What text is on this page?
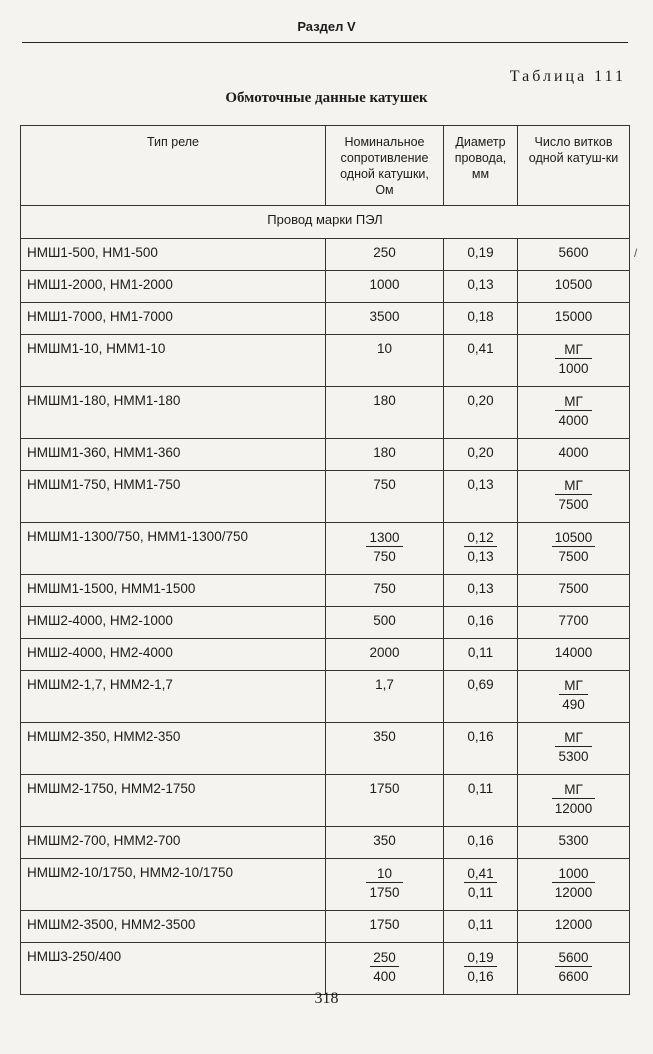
Раздел V
Таблица 111
Обмоточные данные катушек
/
Тип реле	Номинальное сопротивление одной катушки, Ом	Диаметр провода, мм	Число витков одной катуш-ки
Провод марки ПЭЛ			
НМШ1-500, НМ1-500	250	0,19	5600
НМШ1-2000, НМ1-2000	1000	0,13	10500
НМШ1-7000, НМ1-7000	3500	0,18	15000
НМШМ1-10, НММ1-10	10	0,41	$\frac{МГ}{1000}$

НМШМ1-180, НММ1-180	180	0,20	$\frac{МГ}{4000}$

НМШМ1-360, НММ1-360	180	0,20	4000
НМШМ1-750, НММ1-750	750	0,13	$\frac{МГ}{7500}$

НМШМ1-1300/750, НММ1-1300/750	$\frac{1300}{750}$	$\frac{0,12}{0,13}$	$\frac{10500}{7500}$

НМШМ1-1500, НММ1-1500	750	0,13	7500
НМШ2-4000, НМ2-1000	500	0,16	7700
НМШ2-4000, НМ2-4000	2000	0,11	14000
НМШМ2-1,7, НММ2-1,7	1,7	0,69	$\frac{МГ}{490}$

НМШМ2-350, НММ2-350	350	0,16	$\frac{МГ}{5300}$

НМШМ2-1750, НММ2-1750	1750	0,11	$\frac{МГ}{12000}$

НМШМ2-700, НММ2-700	350	0,16	5300
НМШМ2-10/1750, НММ2-10/1750	$\frac{10}{1750}$	$\frac{0,41}{0,11}$	$\frac{1000}{12000}$

НМШМ2-3500, НММ2-3500	1750	0,11	12000
НМШ3-250/400	$\frac{250}{400}$	$\frac{0,19}{0,16}$	$\frac{5600}{6600}$
318
